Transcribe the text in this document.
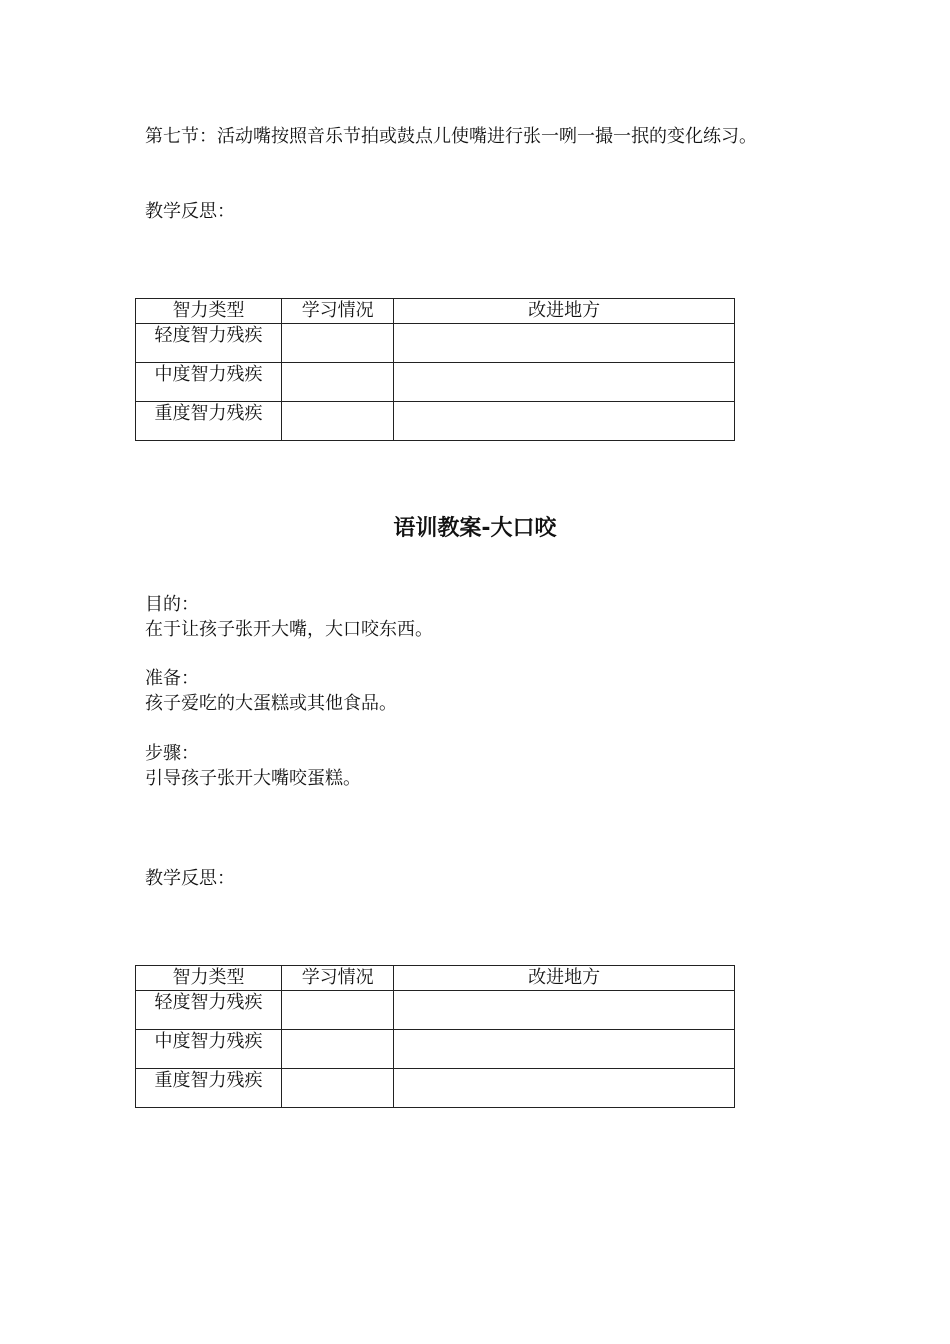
第七节：活动嘴按照音乐节拍或鼓点儿使嘴进行张一咧一撮一抿的变化练习。
教学反思：
智力类型	学习情况	改进地方
轻度智力残疾		
中度智力残疾		
重度智力残疾		
语训教案-大口咬
目的：
在于让孩子张开大嘴，大口咬东西。
准备：
孩子爱吃的大蛋糕或其他食品。
步骤：
引导孩子张开大嘴咬蛋糕。
教学反思：
智力类型	学习情况	改进地方
轻度智力残疾		
中度智力残疾		
重度智力残疾		
